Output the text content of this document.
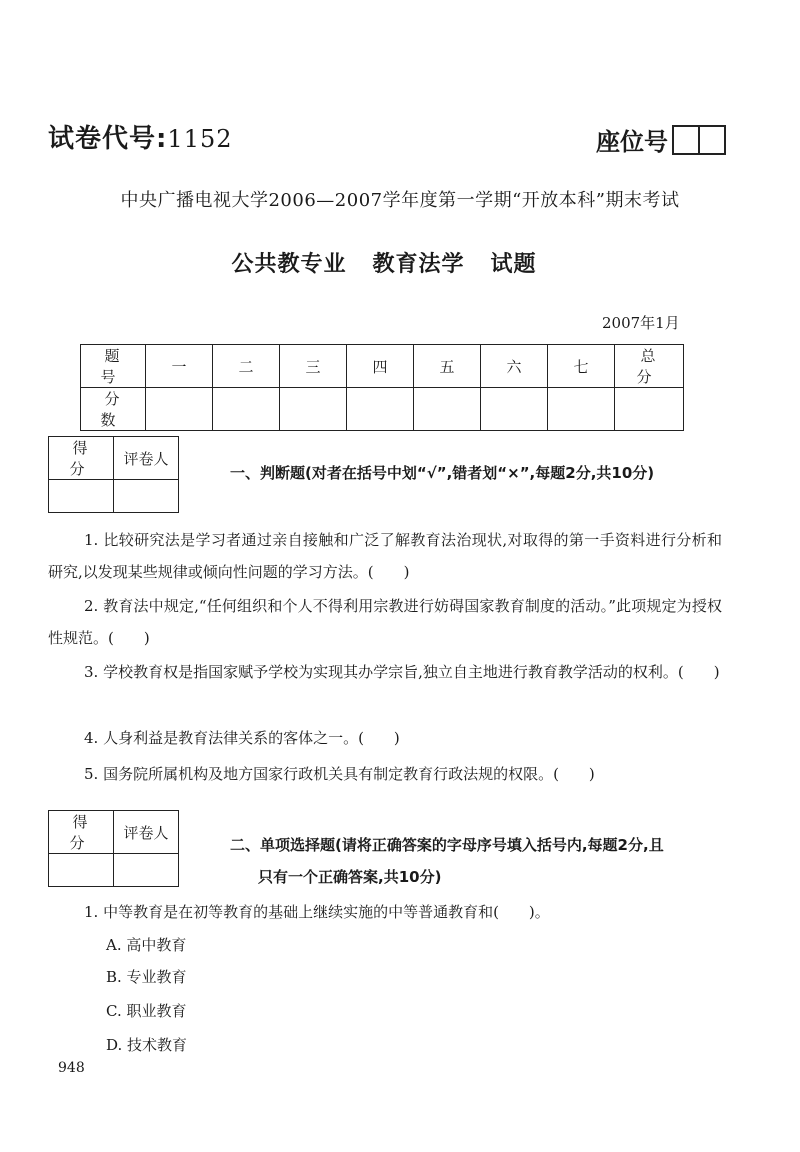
试卷代号:1152	座位号
中央广播电视大学2006—2007学年度第一学期“开放本科”期末考试
公共教专业   教育法学   试题
2007年1月
题 号	一	二	三	四	五	六	七	总 分
分 数								
得 分	评卷人

一、判断题(对者在括号中划“√”,错者划“×”,每题2分,共10分)
1. 比较研究法是学习者通过亲自接触和广泛了解教育法治现状,对取得的第一手资料进行分析和研究,以发现某些规律或倾向性问题的学习方法。(　　)
2. 教育法中规定,“任何组织和个人不得利用宗教进行妨碍国家教育制度的活动。”此项规定为授权性规范。(　　)
3. 学校教育权是指国家赋予学校为实现其办学宗旨,独立自主地进行教育教学活动的权利。(　　)
4. 人身利益是教育法律关系的客体之一。(　　)
5. 国务院所属机构及地方国家行政机关具有制定教育行政法规的权限。(　　)
得 分	评卷人

二、单项选择题(请将正确答案的字母序号填入括号内,每题2分,且
只有一个正确答案,共10分)
1. 中等教育是在初等教育的基础上继续实施的中等普通教育和(　　)。
A. 高中教育
B. 专业教育
C. 职业教育
D. 技术教育
948
